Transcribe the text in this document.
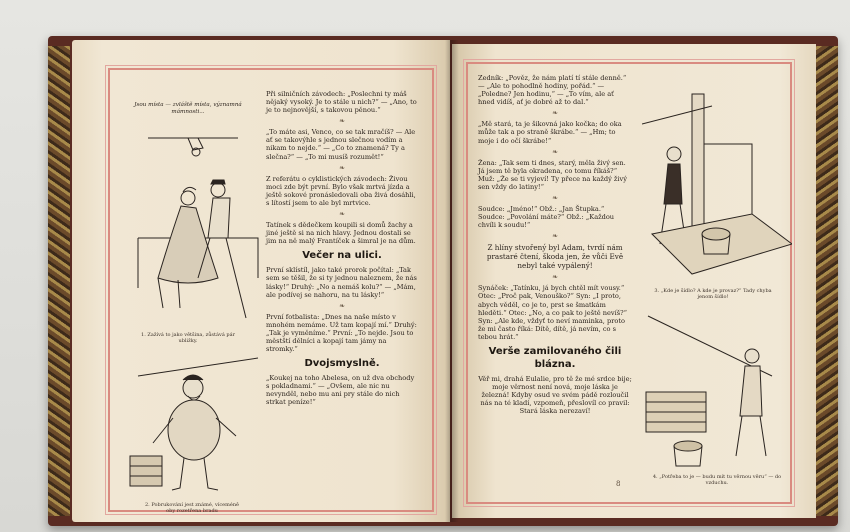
Jsou místa — zvláště místa, významná mámnosti...
1. Zažívá to jako většina, zůstává pár ubližky.
2. Pobrukování jest známé, víceméně oby rozetřena bradu

Při silničních závodech: „Poslechni ty máš nějaký vysoký. Je to stále u nich?“ — „Ano, to je to nejnovější, s takovou pěnou.“

❧

„To máte asi, Venco, co se tak mračíš? — Ale ať se takovýhle s jednou slečnou vodím a nikam to nejde.“ — „Co to znamená? Ty a slečna?“ — „To mi musíš rozumět!“

❧

Z referátu o cyklistických závodech: Živou moci zde být první. Bylo však mrtvá jízda a ještě sokové pronásledovali oba živá dosáhli, s lítostí jsem to ale byl mrtvice.

❧

Tatínek s dědečkem koupili si domů žachy a jiné ještě si na nich hlavy. Jednou dostali se jim na ně malý Frantíček a šimral je na dům.

Večer na ulici.

První sklístíl, jako také prorok počítal: „Tak sem se těšil, že si ty jednou naleznem, že nás lásky!“ Druhý: „No a nemáš kolu?“ — „Mám, ale podívej se nahoru, na tu lásky!“

❧

První fotbalista: „Dnes na naše místo v mnohém nemáme. Už tam kopají mí.“ Druhý: „Tak je vyměníme.“ První: „To nejde. Jsou to městští dělníci a kopají tam jámy na stromky.“

Dvojsmyslně.

„Koukej na toho Abelesa, on už dva obchody s pokladnami.“ — „Ovšem, ale nic nu nevynděl, nebo mu ani pry stále do nich strkat peníze!“

Zedník: „Pověz, že nám platí tí stále denně.“ — „Ale to pohodlně hodiny, pořád.“ — „Poledne? Jen hodinu,“ — „To vím, ale ať hned vidíš, ať je dobré až to dal.“

❧

„Mě stará, ta je šikovná jako kočka; do oka může tak a po straně škrábe.“ — „Hm; to moje i do očí škrábe!“

❧

Žena: „Tak sem ti dnes, starý, měla živý sen. Já jsem tě byla okradena, co tomu říkáš?“ Muž: „Že se ti vyjeví! Ty přece na každý živý sen vždy do latiny!“

❧

Soudce: „Jméno!“ Obž.: „Jan Štupka.“ Soudce: „Povolání máte?“ Obž.: „Každou chvíli k soudu!“

❧

Z hlíny stvořený byl Adam, tvrdí nám prastaré čtení, škoda jen, že vůči Evě nebyl také vypálený!

❧

Synáček: „Tatínku, já bych chtěl mít vousy.“ Otec: „Proč pak, Venouško?“ Syn: „I proto, abych věděl, co je to, prst se šmatkám hleděti.“ Otec: „No, a co pak to ještě nevíš?“ Syn: „Ale kde, vždyť to neví maminka, proto že mi často říká: Dítě, dítě, já nevím, co s tebou hrát.“

Verše zamilovaného čili blázna.

Věř mi, drahá Eulalie, pro tě že mé srdce bije; moje věrnost není nová, moje láska je železná! Kdyby osud ve svém pádě rozloučil nás na té kladí, vzpomeň, přeslovíl co pravil: Stará láska nerezaví!

3. „Kde je šídlo? A kde je provaz?“ Tady chyba jenom šídlo!
4. „Potřeba to je — budu mít tu věrnou věru“ — do vzduchu.
8
